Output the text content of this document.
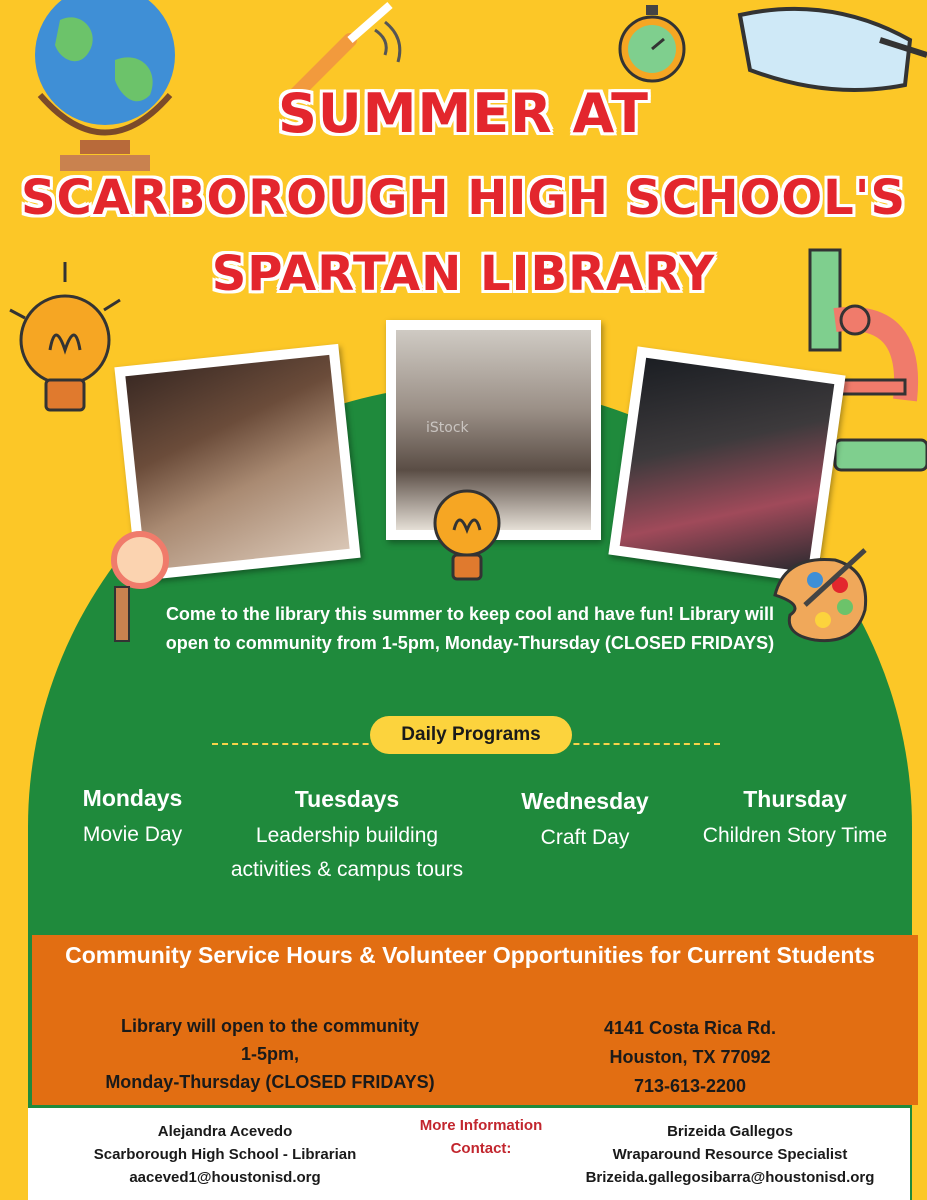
SUMMER AT
SCARBOROUGH HIGH SCHOOL'S
SPARTAN LIBRARY
iStock
Come to the library this summer to keep cool and have fun! Library will open to community from 1-5pm, Monday-Thursday (CLOSED FRIDAYS)
Daily Programs
Mondays
Movie Day
Tuesdays
Leadership building activities & campus tours
Wednesday
Craft Day
Thursday
Children Story Time
Community Service Hours & Volunteer Opportunities for Current Students
Library will open to the community
1-5pm,
Monday-Thursday (CLOSED FRIDAYS)
4141 Costa Rica Rd.
Houston, TX 77092
713-613-2200
Alejandra Acevedo
Scarborough High School - Librarian
aaceved1@houstonisd.org
More Information
Contact:
Brizeida Gallegos
Wraparound Resource Specialist
Brizeida.gallegosibarra@houstonisd.org
